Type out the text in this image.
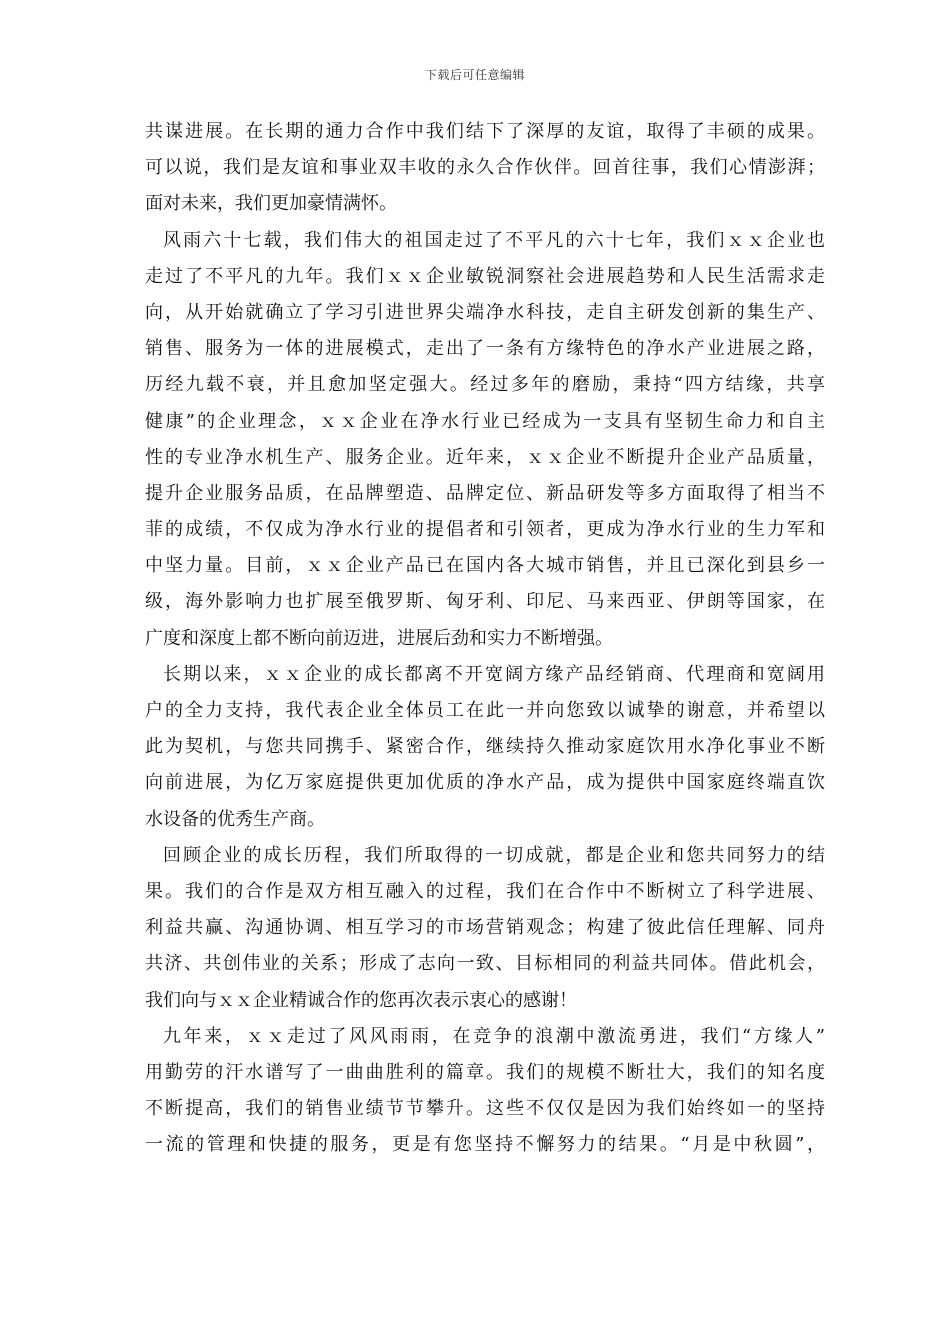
下载后可任意编辑
共谋进展。在长期的通力合作中我们结下了深厚的友谊，取得了丰硕的成果。
可以说，我们是友谊和事业双丰收的永久合作伙伴。回首往事，我们心情澎湃；
面对未来，我们更加豪情满怀。
风雨六十七载，我们伟大的祖国走过了不平凡的六十七年，我们ｘｘ企业也
走过了不平凡的九年。我们ｘｘ企业敏锐洞察社会进展趋势和人民生活需求走
向，从开始就确立了学习引进世界尖端净水科技，走自主研发创新的集生产、
销售、服务为一体的进展模式，走出了一条有方缘特色的净水产业进展之路，
历经九载不衰，并且愈加坚定强大。经过多年的磨励，秉持“四方结缘，共享
健康”的企业理念，ｘｘ企业在净水行业已经成为一支具有坚韧生命力和自主
性的专业净水机生产、服务企业。近年来，ｘｘ企业不断提升企业产品质量，
提升企业服务品质，在品牌塑造、品牌定位、新品研发等多方面取得了相当不
菲的成绩，不仅成为净水行业的提倡者和引领者，更成为净水行业的生力军和
中坚力量。目前，ｘｘ企业产品已在国内各大城市销售，并且已深化到县乡一
级，海外影响力也扩展至俄罗斯、匈牙利、印尼、马来西亚、伊朗等国家，在
广度和深度上都不断向前迈进，进展后劲和实力不断增强。
长期以来，ｘｘ企业的成长都离不开宽阔方缘产品经销商、代理商和宽阔用
户的全力支持，我代表企业全体员工在此一并向您致以诚挚的谢意，并希望以
此为契机，与您共同携手、紧密合作，继续持久推动家庭饮用水净化事业不断
向前进展，为亿万家庭提供更加优质的净水产品，成为提供中国家庭终端直饮
水设备的优秀生产商。
回顾企业的成长历程，我们所取得的一切成就，都是企业和您共同努力的结
果。我们的合作是双方相互融入的过程，我们在合作中不断树立了科学进展、
利益共赢、沟通协调、相互学习的市场营销观念；构建了彼此信任理解、同舟
共济、共创伟业的关系；形成了志向一致、目标相同的利益共同体。借此机会，
我们向与ｘｘ企业精诚合作的您再次表示衷心的感谢！
九年来，ｘｘ走过了风风雨雨，在竞争的浪潮中激流勇进，我们“方缘人”
用勤劳的汗水谱写了一曲曲胜利的篇章。我们的规模不断壮大，我们的知名度
不断提高，我们的销售业绩节节攀升。这些不仅仅是因为我们始终如一的坚持
一流的管理和快捷的服务，更是有您坚持不懈努力的结果。“月是中秋圆”，
